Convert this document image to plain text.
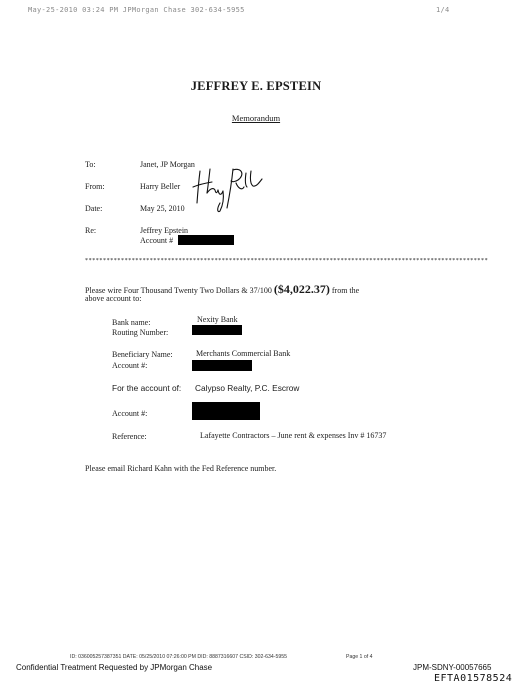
May-25-2010 03:24 PM JPMorgan Chase 302-634-5955	1/4
JEFFREY E. EPSTEIN
Memorandum
To:	Janet, JP Morgan
From:	Harry Beller
Date:	May 25, 2010
Re:	Jeffrey Epstein
Account #
****************************************************************************************************************
Please wire Four Thousand Twenty Two Dollars & 37/100 ($4,022.37) from the
above account to:
Bank name:	Nexity Bank
Routing Number:
Beneficiary Name:	Merchants Commercial Bank
Account #:
For the account of: Calypso Realty, P.C. Escrow
Account #:
Reference:	Lafayette Contractors – June rent & expenses Inv # 16737
Please email Richard Kahn with the Fed Reference number.
ID: 036005257387351 DATE: 05/25/2010 07:26:00 PM DID: 8887316607 CSID: 302-634-5955	Page 1 of 4
Confidential Treatment Requested by JPMorgan Chase	JPM-SDNY-00057665
EFTA01578524
